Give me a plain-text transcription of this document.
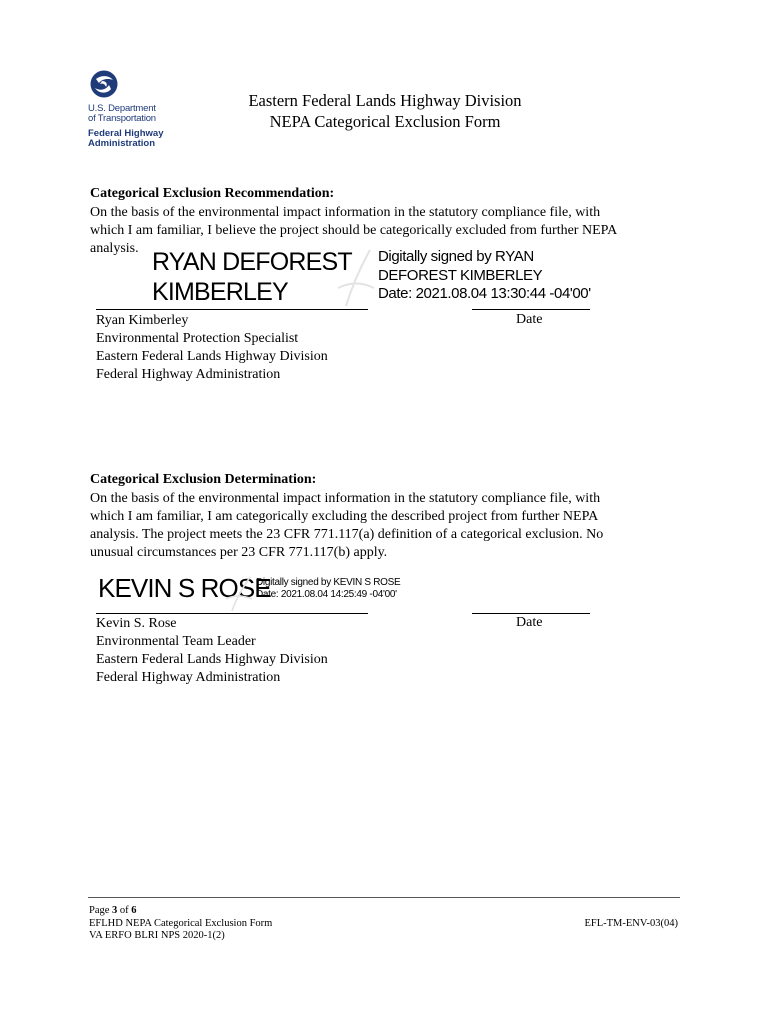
U.S. Department
of Transportation
Federal Highway
Administration
Eastern Federal Lands Highway Division
NEPA Categorical Exclusion Form
Categorical Exclusion Recommendation:
On the basis of the environmental impact information in the statutory compliance file, with
which I am familiar, I believe the project should be categorically excluded from further NEPA
analysis. RYAN DEFOREST
KIMBERLEY
Digitally signed by RYAN
DEFOREST KIMBERLEY
Date: 2021.08.04 13:30:44 -04'00'
Ryan Kimberley
Environmental Protection Specialist
Eastern Federal Lands Highway Division
Federal Highway Administration
Date
Categorical Exclusion Determination:
On the basis of the environmental impact information in the statutory compliance file, with
which I am familiar, I am categorically excluding the described project from further NEPA
analysis. The project meets the 23 CFR 771.117(a) definition of a categorical exclusion. No
unusual circumstances per 23 CFR 771.117(b) apply.
KEVIN S ROSE
Digitally signed by KEVIN S ROSE
Date: 2021.08.04 14:25:49 -04'00'
Kevin S. Rose
Environmental Team Leader
Eastern Federal Lands Highway Division
Federal Highway Administration
Date
Page 3 of 6
EFLHD NEPA Categorical Exclusion Form
VA ERFO BLRI NPS 2020-1(2)
EFL-TM-ENV-03(04)
